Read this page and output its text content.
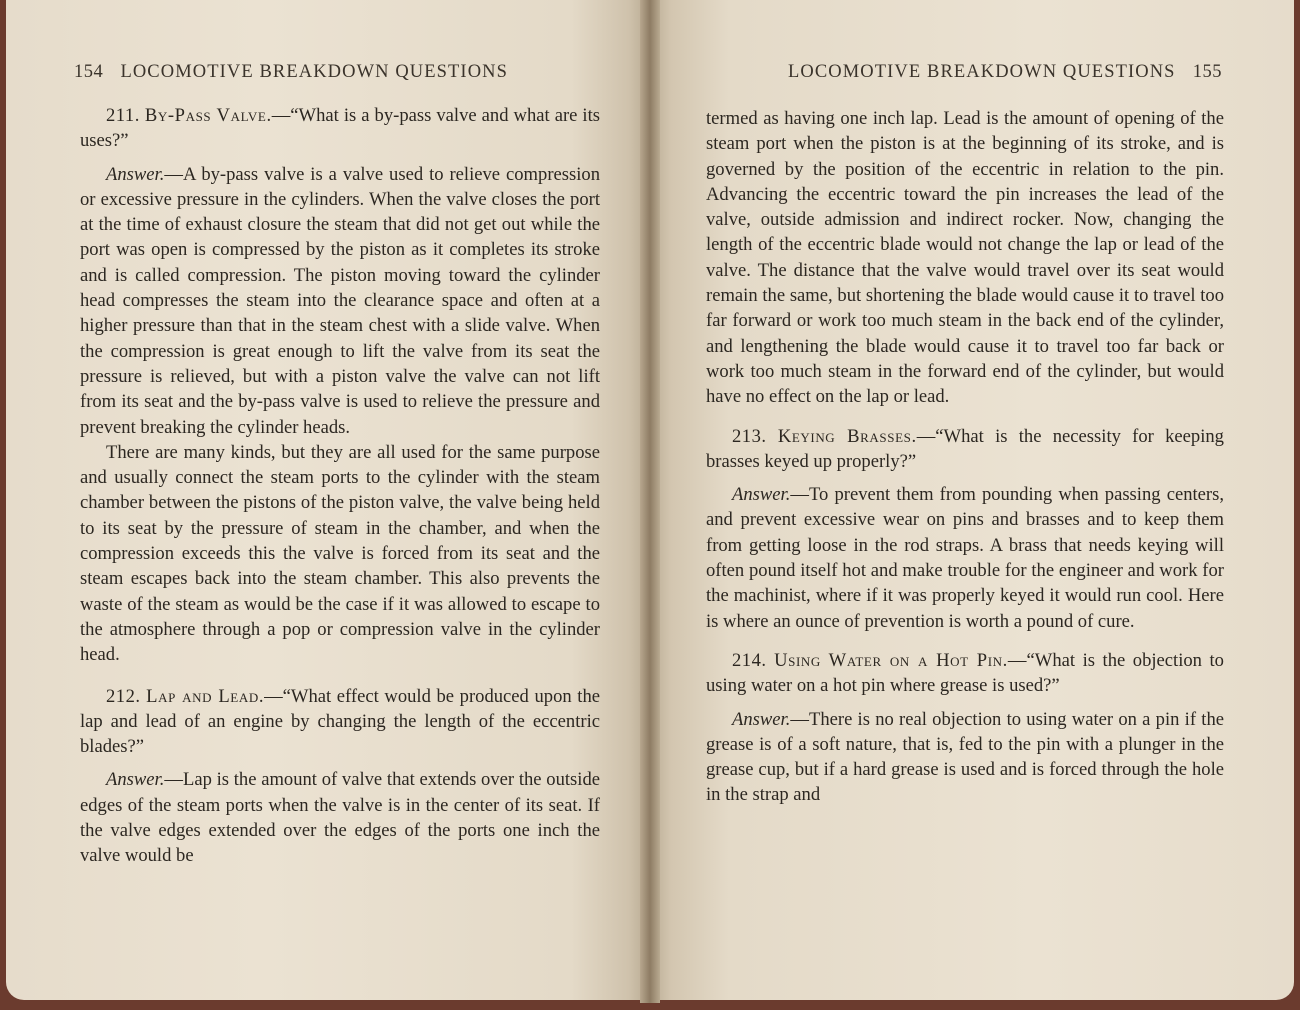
154 LOCOMOTIVE BREAKDOWN QUESTIONS

211. By-Pass Valve.—“What is a by-pass valve and what are its uses?”

Answer.—A by-pass valve is a valve used to relieve compression or excessive pressure in the cylinders. When the valve closes the port at the time of exhaust closure the steam that did not get out while the port was open is compressed by the piston as it completes its stroke and is called compression. The piston moving toward the cylinder head compresses the steam into the clearance space and often at a higher pressure than that in the steam chest with a slide valve. When the compression is great enough to lift the valve from its seat the pressure is relieved, but with a piston valve the valve can not lift from its seat and the by-pass valve is used to relieve the pressure and prevent breaking the cylinder heads.

There are many kinds, but they are all used for the same purpose and usually connect the steam ports to the cylinder with the steam chamber between the pistons of the piston valve, the valve being held to its seat by the pressure of steam in the chamber, and when the compression exceeds this the valve is forced from its seat and the steam escapes back into the steam chamber. This also prevents the waste of the steam as would be the case if it was allowed to escape to the atmosphere through a pop or compression valve in the cylinder head.

212. Lap and Lead.—“What effect would be produced upon the lap and lead of an engine by changing the length of the eccentric blades?”

Answer.—Lap is the amount of valve that extends over the outside edges of the steam ports when the valve is in the center of its seat. If the valve edges extended over the edges of the ports one inch the valve would be

LOCOMOTIVE BREAKDOWN QUESTIONS 155

termed as having one inch lap. Lead is the amount of opening of the steam port when the piston is at the beginning of its stroke, and is governed by the position of the eccentric in relation to the pin. Advancing the eccentric toward the pin increases the lead of the valve, outside admission and indirect rocker. Now, changing the length of the eccentric blade would not change the lap or lead of the valve. The distance that the valve would travel over its seat would remain the same, but shortening the blade would cause it to travel too far forward or work too much steam in the back end of the cylinder, and lengthening the blade would cause it to travel too far back or work too much steam in the forward end of the cylinder, but would have no effect on the lap or lead.

213. Keying Brasses.—“What is the necessity for keeping brasses keyed up properly?”

Answer.—To prevent them from pounding when passing centers, and prevent excessive wear on pins and brasses and to keep them from getting loose in the rod straps. A brass that needs keying will often pound itself hot and make trouble for the engineer and work for the machinist, where if it was properly keyed it would run cool. Here is where an ounce of prevention is worth a pound of cure.

214. Using Water on a Hot Pin.—“What is the objection to using water on a hot pin where grease is used?”

Answer.—There is no real objection to using water on a pin if the grease is of a soft nature, that is, fed to the pin with a plunger in the grease cup, but if a hard grease is used and is forced through the hole in the strap and
